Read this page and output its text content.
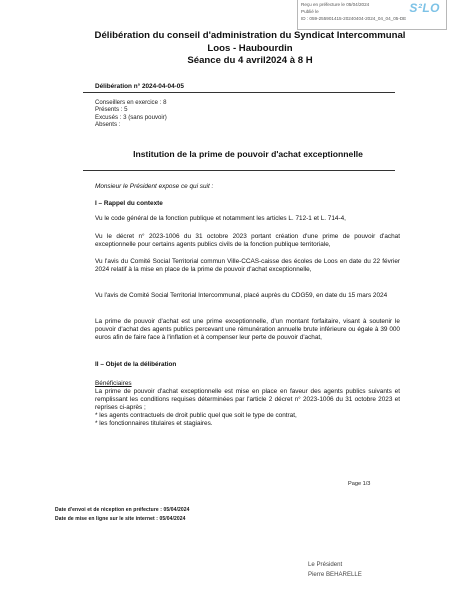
Reçu en préfecture le 05/04/2024
Publié le
ID : 059-255901415-20240404-2024_04_04_05-DE
S²LO
Délibération du conseil d'administration du Syndicat Intercommunal
Loos - Haubourdin
Séance du 4 avril2024 à 8 H
Délibération n° 2024-04-04-05
Conseillers en exercice : 8
Présents : 5
Excusés : 3 (sans pouvoir)
Absents :
Institution de la prime de pouvoir d'achat exceptionnelle
Monsieur le Président expose ce qui suit :
I – Rappel du contexte
Vu le code général de la fonction publique et notamment les articles L. 712-1 et L. 714-4,
Vu le décret n° 2023-1006 du 31 octobre 2023 portant création d'une prime de pouvoir d'achat exceptionnelle pour certains agents publics civils de la fonction publique territoriale,
Vu l'avis du Comité Social Territorial commun Ville-CCAS-caisse des écoles de Loos en date du 22 février 2024 relatif à la mise en place de la prime de pouvoir d'achat exceptionnelle,
Vu l'avis de Comité Social Territorial Intercommunal, placé auprès du CDG59, en date du 15 mars 2024
La prime de pouvoir d'achat est une prime exceptionnelle, d'un montant forfaitaire, visant à soutenir le pouvoir d'achat des agents publics percevant une rémunération annuelle brute inférieure ou égale à 39 000 euros afin de faire face à l'inflation et à compenser leur perte de pouvoir d'achat,
II – Objet de la délibération
Bénéficiaires
La prime de pouvoir d'achat exceptionnelle est mise en place en faveur des agents publics suivants et remplissant les conditions requises déterminées par l'article 2 décret n° 2023-1006 du 31 octobre 2023 et reprises ci-après ;
* les agents contractuels de droit public quel que soit le type de contrat,
* les fonctionnaires titulaires et stagiaires.
Page 1/3
Date d'envoi et de réception en préfecture : 05/04/2024
Date de mise en ligne sur le site internet : 05/04/2024
Le Président
Pierre BEHARELLE
